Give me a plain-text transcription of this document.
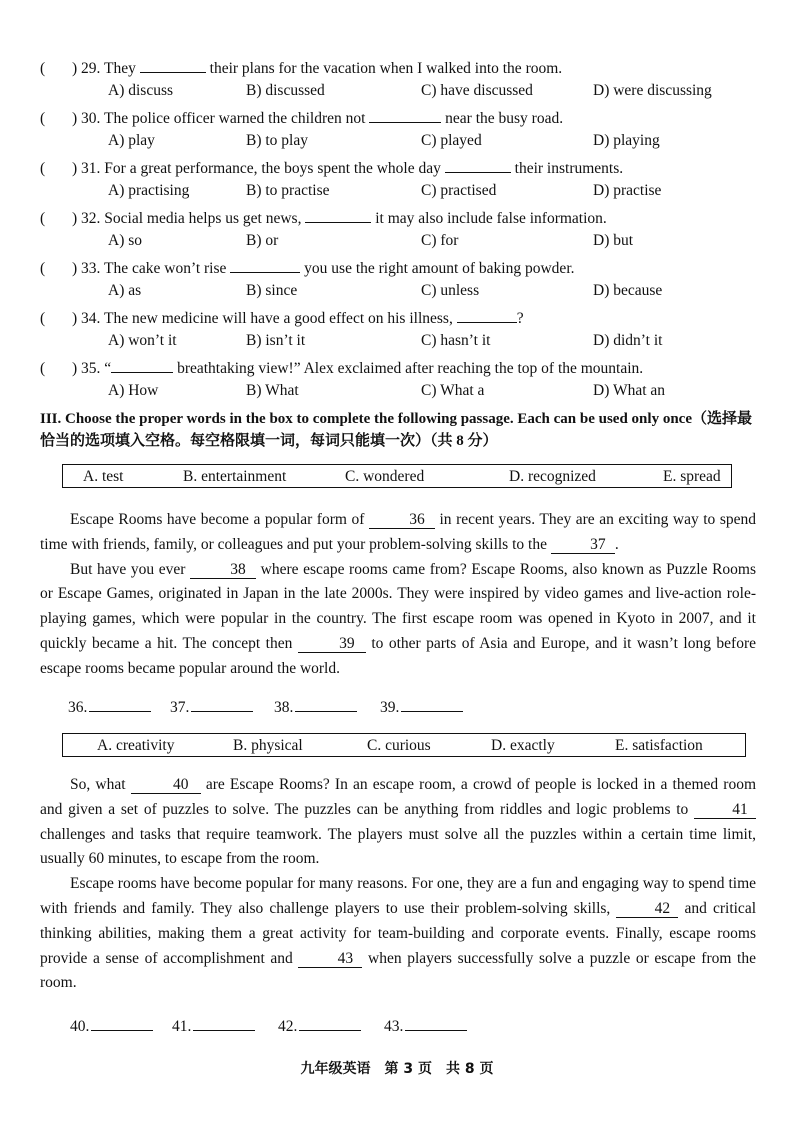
( ) 29. They	their plans for the vacation when I walked into the room.
A) discuss	B) discussed	C) have discussed	D) were discussing
( ) 30. The police officer warned the children not	near the busy road.
A) play	B) to play	C) played	D) playing
( ) 31. For a great performance, the boys spent the whole day	their instruments.
A) practising	B) to practise	C) practised	D) practise
( ) 32. Social media helps us get news,	it may also include false information.
A) so	B) or	C) for	D) but
( ) 33. The cake won’t rise	you use the right amount of baking powder.
A) as	B) since	C) unless	D) because
( ) 34. The new medicine will have a good effect on his illness,	?
A) won’t it	B) isn’t it	C) hasn’t it	D) didn’t it
( ) 35. “	breathtaking view!” Alex exclaimed after reaching the top of the mountain.
A) How	B) What	C) What a	D) What an
III. Choose the proper words in the box to complete the following passage. Each can be used only once（选择最恰当的选项填入空格。每空格限填一词，每词只能填一次）（共 8 分）
A. test	B. entertainment	C. wondered	D. recognized	E. spread

Escape Rooms have become a popular form of	36 in recent years. They are an exciting way to spend time with friends, family, or colleagues and put your problem-solving skills to the	37 .

But have you ever	38 where escape rooms came from? Escape Rooms, also known as Puzzle Rooms or Escape Games, originated in Japan in the late 2000s. They were inspired by video games and live-action role-playing games, which were popular in the country. The first escape room was opened in Kyoto in 2007, and it quickly became a hit. The concept then	39 to other parts of Asia and Europe, and it wasn’t long before escape rooms became popular around the world.

36.	37.	38.	39.
A. creativity	B. physical	C. curious	D. exactly	E. satisfaction

So, what	40 are Escape Rooms? In an escape room, a crowd of people is locked in a themed room and given a set of puzzles to solve. The puzzles can be anything from riddles and logic problems to	41 challenges and tasks that require teamwork. The players must solve all the puzzles within a certain time limit, usually 60 minutes, to escape from the room.

Escape rooms have become popular for many reasons. For one, they are a fun and engaging way to spend time with friends and family. They also challenge players to use their problem-solving skills,	42 and critical thinking abilities, making them a great activity for team-building and corporate events. Finally, escape rooms provide a sense of accomplishment and	43 when players successfully solve a puzzle or escape from the room.

40.	41.	42.	43.
九年级英语　第 3 页　共 8 页
